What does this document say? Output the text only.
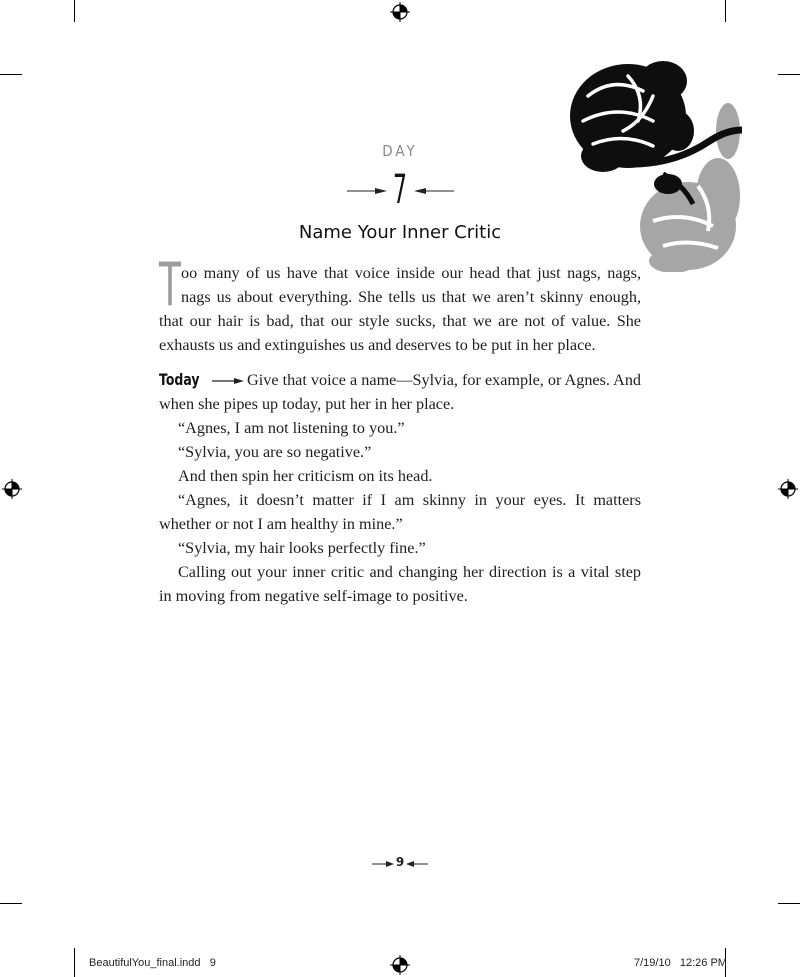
DAY
7
Name Your Inner Critic
Too many of us have that voice inside our head that just nags, nags, nags us about everything. She tells us that we aren’t skinny enough, that our hair is bad, that our style sucks, that we are not of value. She exhausts us and extinguishes us and deserves to be put in her place.

Today	Give that voice a name—Sylvia, for example, or Agnes. And when she pipes up today, put her in her place.

“Agnes, I am not listening to you.”

“Sylvia, you are so negative.”

And then spin her criticism on its head.

“Agnes, it doesn’t matter if I am skinny in your eyes. It matters whether or not I am healthy in mine.”

“Sylvia, my hair looks perfectly fine.”

Calling out your inner critic and changing her direction is a vital step in moving from negative self-image to positive.

9
BeautifulYou_final.indd   9	7/19/10   12:26 PM
